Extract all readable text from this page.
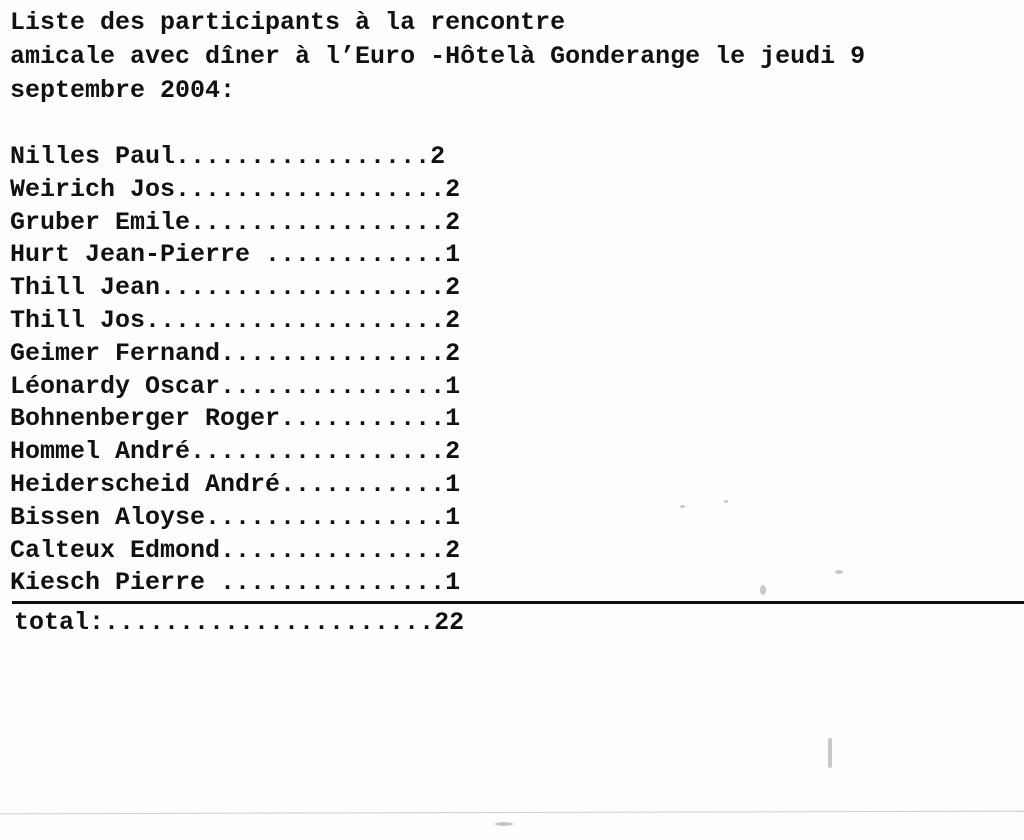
Liste des participants à la rencontre

amicale avec dîner à l’Euro -Hôtelà Gonderange le jeudi 9

septembre 2004:

Nilles Paul.................2
Weirich Jos..................2
Gruber Emile.................2
Hurt Jean-Pierre ............1
Thill Jean...................2
Thill Jos....................2
Geimer Fernand...............2
Léonardy Oscar...............1
Bohnenberger Roger...........1
Hommel André.................2
Heiderscheid André...........1
Bissen Aloyse................1
Calteux Edmond...............2
Kiesch Pierre ...............1
total:......................22
